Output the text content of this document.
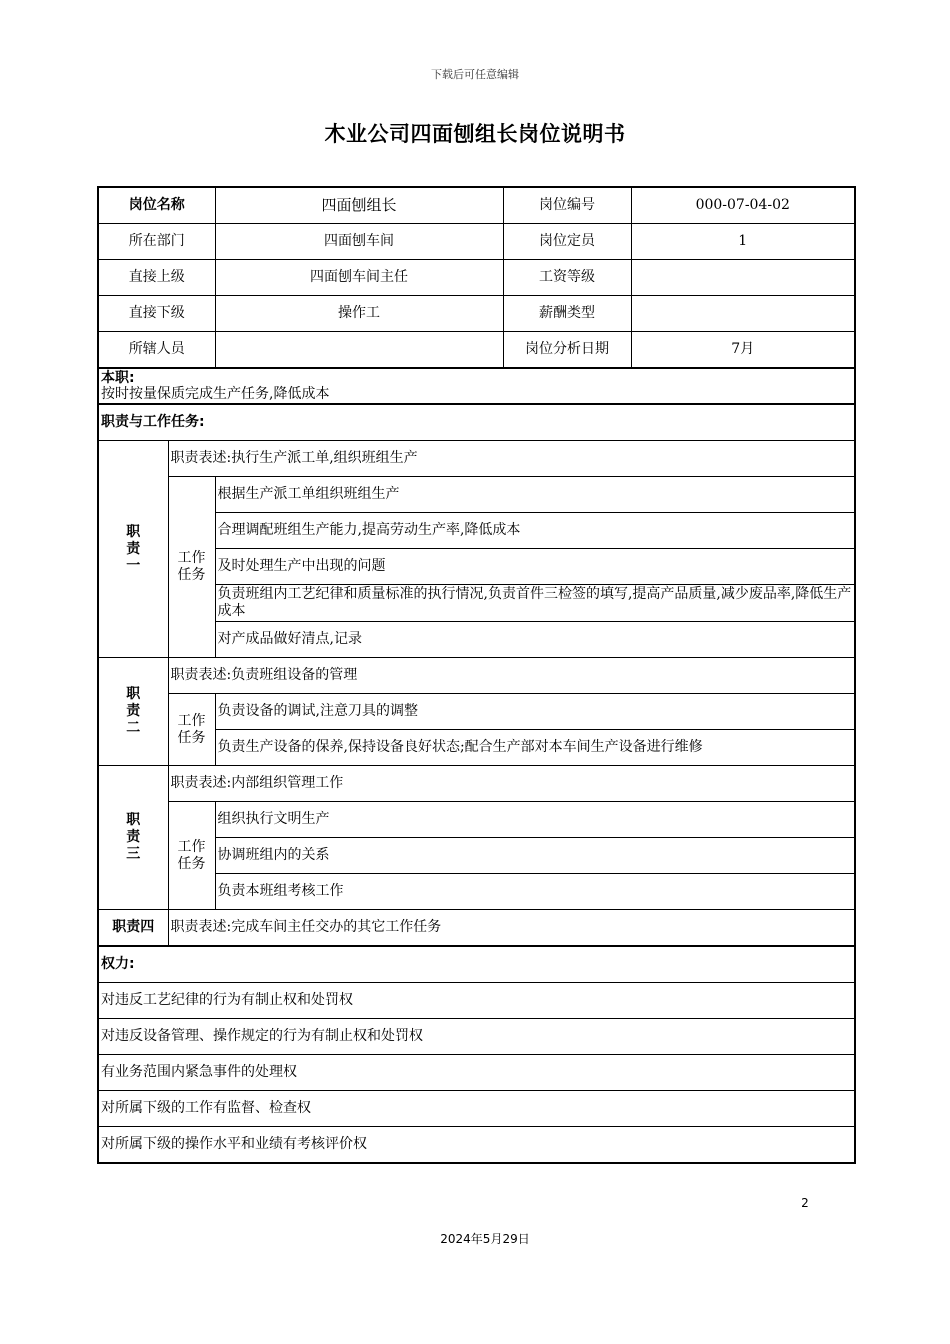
下载后可任意编辑
木业公司四面刨组长岗位说明书
岗位名称		四面刨组长	岗位编号	000-07-04-02
所在部门		四面刨车间	岗位定员	1
直接上级		四面刨车间主任	工资等级	
直接下级		操作工	薪酬类型	
所辖人员			岗位分析日期	7月

本职:
按时按量保质完成生产任务,降低成本				

职责与工作任务:				
职
责
一	职责表述:执行生产派工单,组织班组生产			
	工作
任务	根据生产派工单组织班组生产		
		合理调配班组生产能力,提高劳动生产率,降低成本		
		及时处理生产中出现的问题		
		负责班组内工艺纪律和质量标准的执行情况,负责首件三检签的填写,提高产品质量,减少废品率,降低生产成本		
		对产成品做好清点,记录		
职
责
二	职责表述:负责班组设备的管理			
	工作
任务	负责设备的调试,注意刀具的调整		
		负责生产设备的保养,保持设备良好状态;配合生产部对本车间生产设备进行维修		
职
责
三	职责表述:内部组织管理工作			
	工作
任务	组织执行文明生产		
		协调班组内的关系		
		负责本班组考核工作		
职责四	职责表述:完成车间主任交办的其它工作任务			
权力:				
对违反工艺纪律的行为有制止权和处罚权				
对违反设备管理、操作规定的行为有制止权和处罚权				
有业务范围内紧急事件的处理权				
对所属下级的工作有监督、检查权				
对所属下级的操作水平和业绩有考核评价权				
2
2024年5月29日
